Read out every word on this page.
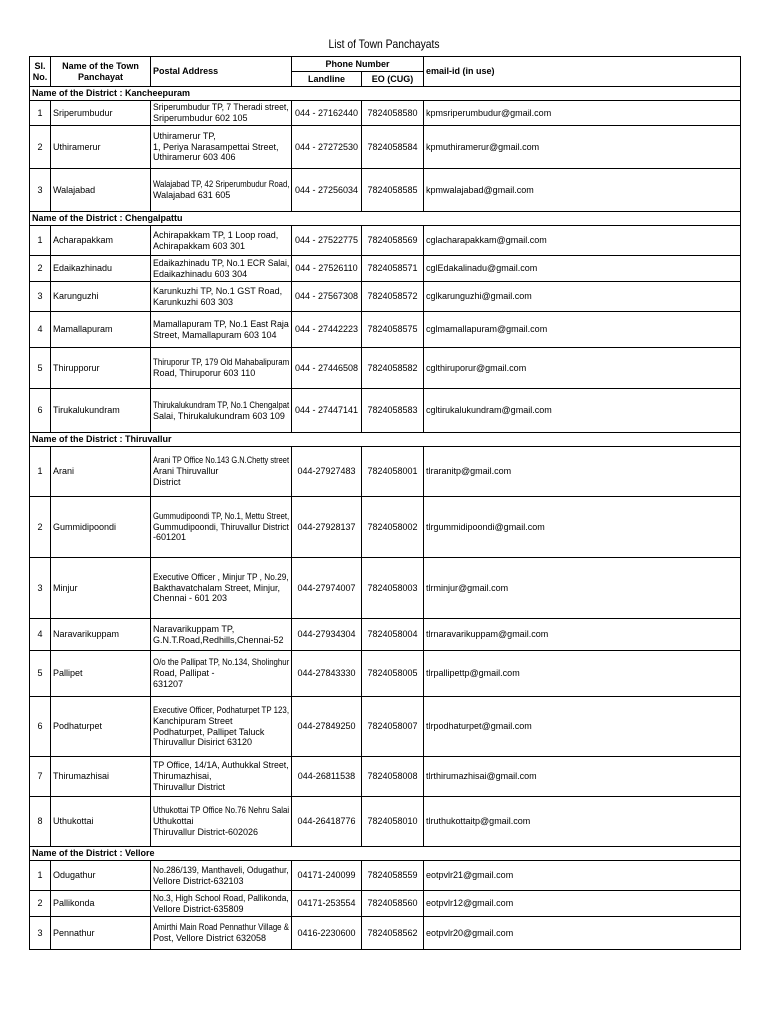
List of Town Panchayats
Sl. No.	Name of the Town Panchayat	Postal Address	Phone Number		email-id (in use)
			Landline	EO (CUG)	
Name of the District : Kancheepuram					
1	Sriperumbudur	Sriperumbudur TP, 7 Theradi street,
Sriperumbudur 602 105	044 - 27162440	7824058580	kpmsriperumbudur@gmail.com
2	Uthiramerur	Uthiramerur TP,
1, Periya Narasampettai Street,
Uthiramerur 603 406	044 - 27272530	7824058584	kpmuthiramerur@gmail.com
3	Walajabad	Walajabad TP, 42 Sriperumbudur Road,
Walajabad 631 605	044 - 27256034	7824058585	kpmwalajabad@gmail.com
Name of the District : Chengalpattu					
1	Acharapakkam	Achirapakkam TP, 1 Loop road,
Achirapakkam 603 301	044 - 27522775	7824058569	cglacharapakkam@gmail.com
2	Edaikazhinadu	Edaikazhinadu TP, No.1 ECR Salai,
Edaikazhinadu 603 304	044 - 27526110	7824058571	cglEdakalinadu@gmail.com
3	Karunguzhi	Karunkuzhi TP, No.1 GST Road,
Karunkuzhi 603 303	044 - 27567308	7824058572	cglkarunguzhi@gmail.com
4	Mamallapuram	Mamallapuram TP, No.1 East Raja
Street, Mamallapuram 603 104	044 - 27442223	7824058575	cglmamallapuram@gmail.com
5	Thirupporur	Thiruporur TP, 179 Old Mahabalipuram
Road, Thiruporur 603 110	044 - 27446508	7824058582	cglthiruporur@gmail.com
6	Tirukalukundram	Thirukalukundram TP, No.1 Chengalpat
Salai, Thirukalukundram 603 109	044 - 27447141	7824058583	cgltirukalukundram@gmail.com
Name of the District : Thiruvallur					
1	Arani	Arani TP Office No.143 G.N.Chetty street
Arani Thiruvallur
District	044-27927483	7824058001	tlraranitp@gmail.com
2	Gummidipoondi	Gummudipoondi TP, No.1, Mettu Street,
Gummudipoondi, Thiruvallur District
-601201	044-27928137	7824058002	tlrgummidipoondi@gmail.com
3	Minjur	Executive Officer , Minjur TP , No.29,
Bakthavatchalam Street, Minjur,
Chennai - 601 203	044-27974007	7824058003	tlrminjur@gmail.com
4	Naravarikuppam	Naravarikuppam TP,
G.N.T.Road,Redhills,Chennai-52	044-27934304	7824058004	tlrnaravarikuppam@gmail.com
5	Pallipet	O/o the Pallipat TP, No.134, Sholinghur
Road, Pallipat -
631207	044-27843330	7824058005	tlrpallipettp@gmail.com
6	Podhaturpet	Executive Officer, Podhaturpet TP 123,
Kanchipuram Street
Podhaturpet, Pallipet Taluck
Thiruvallur Disirict 63120	044-27849250	7824058007	tlrpodhaturpet@gmail.com
7	Thirumazhisai	TP Office, 14/1A, Authukkal Street,
Thirumazhisai,
Thiruvallur District	044-26811538	7824058008	tlrthirumazhisai@gmail.com
8	Uthukottai	Uthukottai TP Office No.76 Nehru Salai
Uthukottai
Thiruvallur District-602026	044-26418776	7824058010	tlruthukottaitp@gmail.com
Name of the District : Vellore					
1	Odugathur	No.286/139, Manthaveli, Odugathur,
Vellore District-632103	04171-240099	7824058559	eotpvlr21@gmail.com
2	Pallikonda	No.3, High School Road, Pallikonda,
Vellore District-635809	04171-253554	7824058560	eotpvlr12@gmail.com
3	Pennathur	Amirthi Main Road Pennathur Village &
Post, Vellore District 632058	0416-2230600	7824058562	eotpvlr20@gmail.com
